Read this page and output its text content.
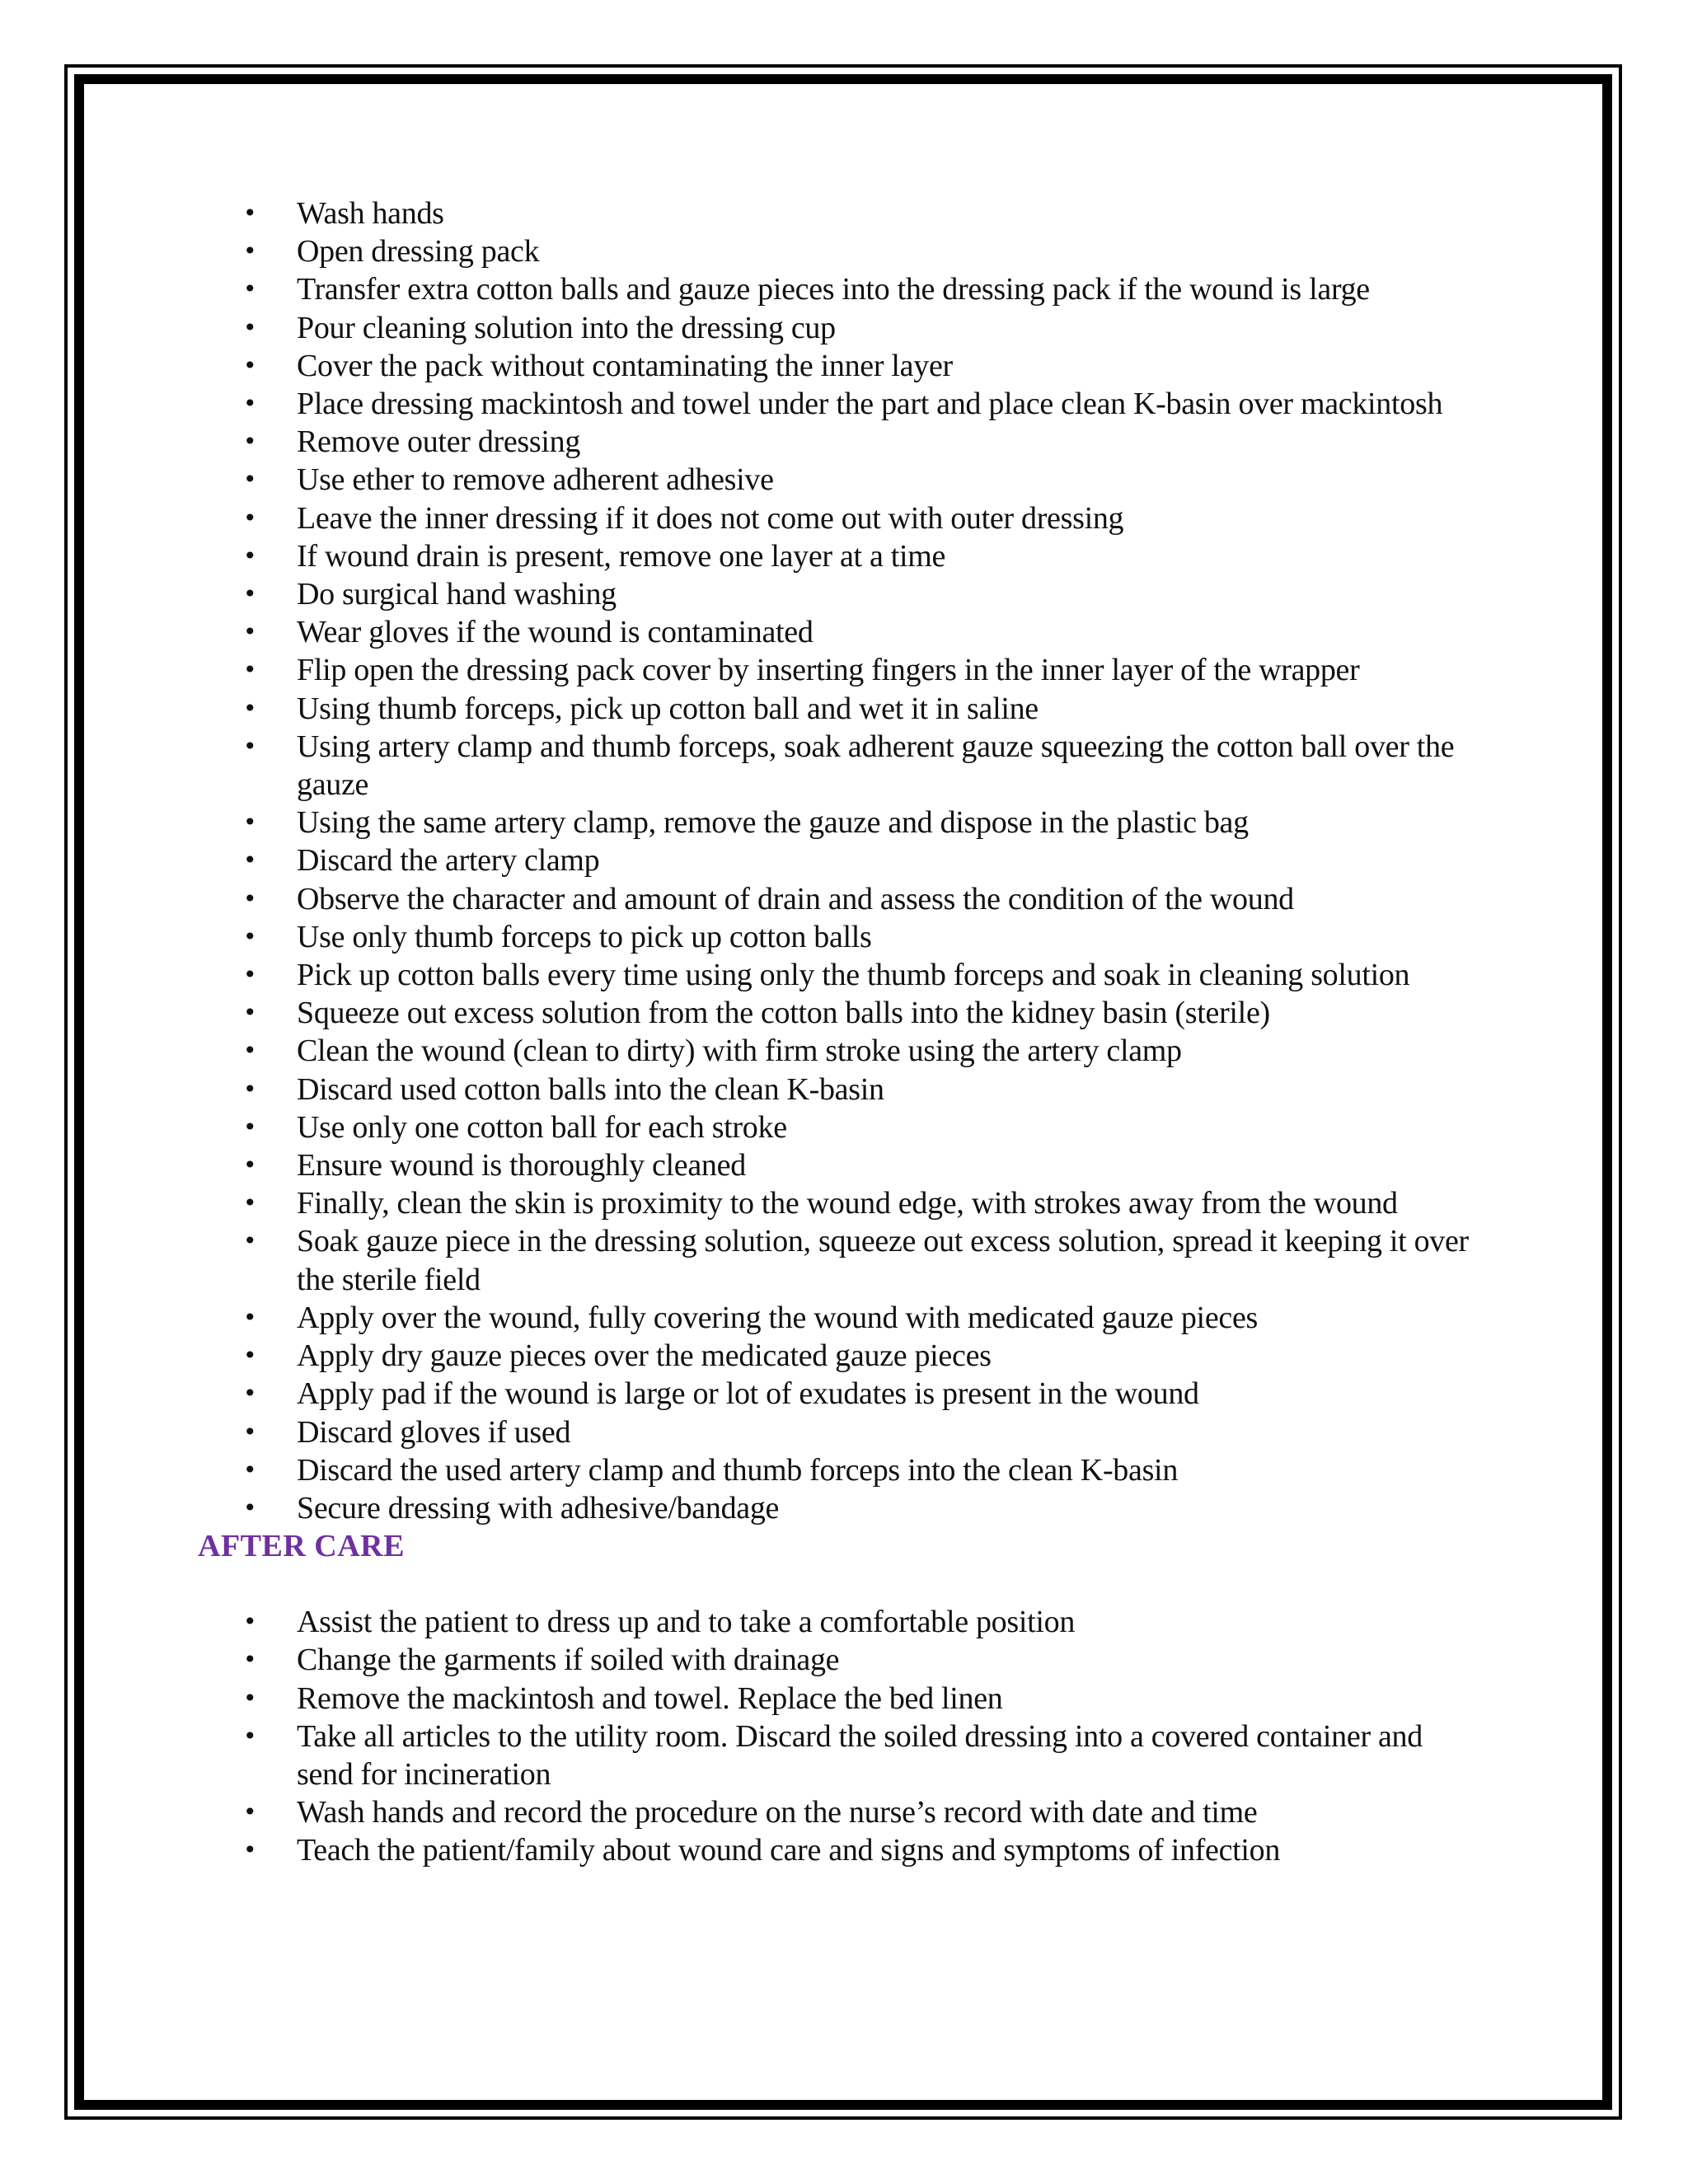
• Wash hands
• Open dressing pack
• Transfer extra cotton balls and gauze pieces into the dressing pack if the wound is large
• Pour cleaning solution into the dressing cup
• Cover the pack without contaminating the inner layer
• Place dressing mackintosh and towel under the part and place clean K-basin over mackintosh
• Remove outer dressing
• Use ether to remove adherent adhesive
• Leave the inner dressing if it does not come out with outer dressing
• If wound drain is present, remove one layer at a time
• Do surgical hand washing
• Wear gloves if the wound is contaminated
• Flip open the dressing pack cover by inserting fingers in the inner layer of the wrapper
• Using thumb forceps, pick up cotton ball and wet it in saline
• Using artery clamp and thumb forceps, soak adherent gauze squeezing the cotton ball over the gauze
• Using the same artery clamp, remove the gauze and dispose in the plastic bag
• Discard the artery clamp
• Observe the character and amount of drain and assess the condition of the wound
• Use only thumb forceps to pick up cotton balls
• Pick up cotton balls every time using only the thumb forceps and soak in cleaning solution
• Squeeze out excess solution from the cotton balls into the kidney basin (sterile)
• Clean the wound (clean to dirty) with firm stroke using the artery clamp
• Discard used cotton balls into the clean K-basin
• Use only one cotton ball for each stroke
• Ensure wound is thoroughly cleaned
• Finally, clean the skin is proximity to the wound edge, with strokes away from the wound
• Soak gauze piece in the dressing solution, squeeze out excess solution, spread it keeping it over the sterile field
• Apply over the wound, fully covering the wound with medicated gauze pieces
• Apply dry gauze pieces over the medicated gauze pieces
• Apply pad if the wound is large or lot of exudates is present in the wound
• Discard gloves if used
• Discard the used artery clamp and thumb forceps into the clean K-basin
• Secure dressing with adhesive/bandage
AFTER CARE
• Assist the patient to dress up and to take a comfortable position
• Change the garments if soiled with drainage
• Remove the mackintosh and towel. Replace the bed linen
• Take all articles to the utility room. Discard the soiled dressing into a covered container and send for incineration
• Wash hands and record the procedure on the nurse’s record with date and time
• Teach the patient/family about wound care and signs and symptoms of infection
